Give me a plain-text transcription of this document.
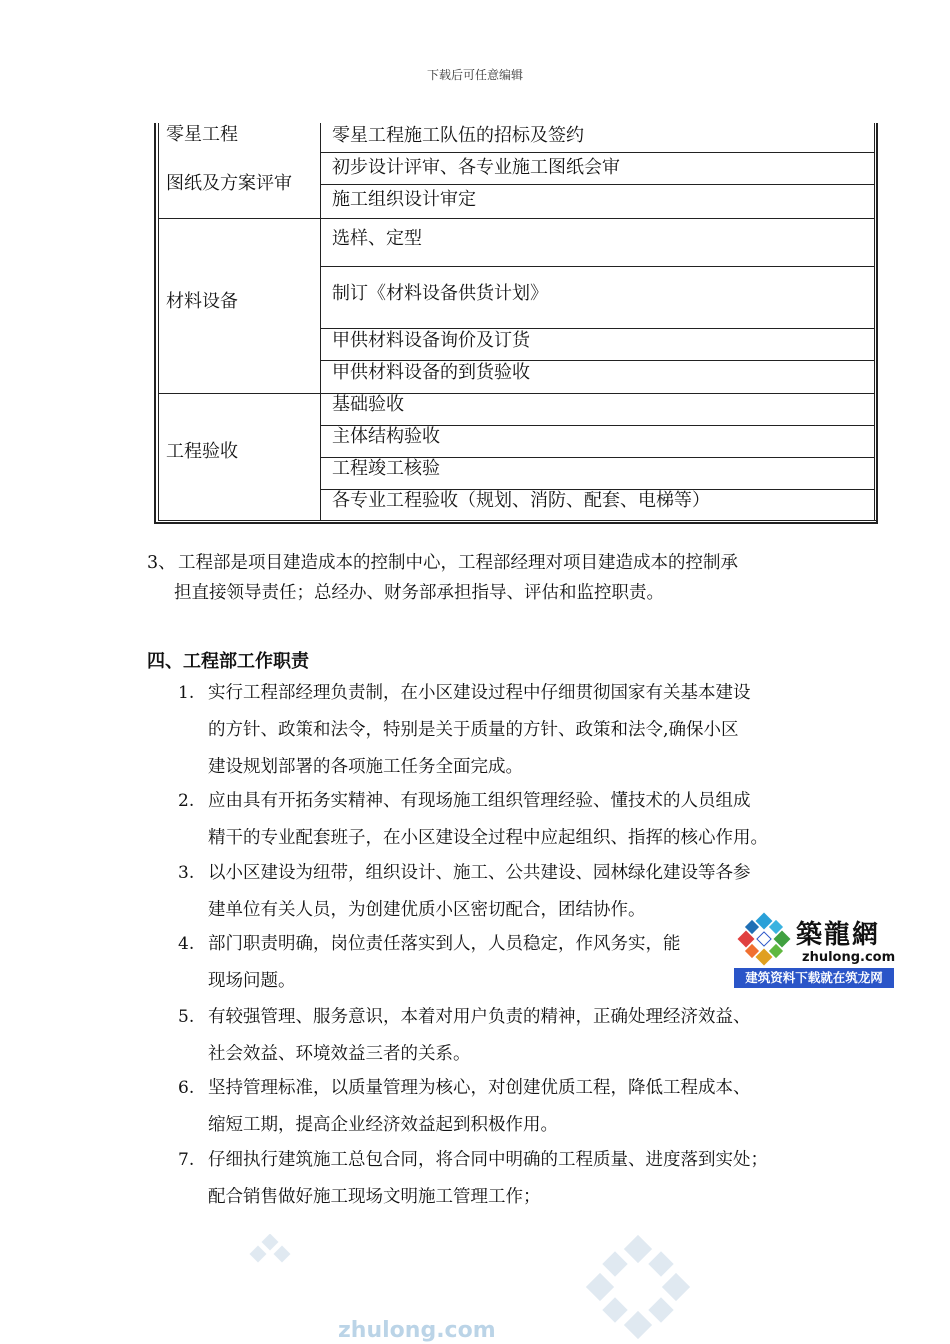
下载后可任意编辑
零星工程
图纸及方案评审
材料设备
工程验收
零星工程施工队伍的招标及签约
初步设计评审、各专业施工图纸会审
施工组织设计审定
选样、定型
制订《材料设备供货计划》
甲供材料设备询价及订货
甲供材料设备的到货验收
基础验收
主体结构验收
工程竣工核验
各专业工程验收（规划、消防、配套、电梯等）
3、 工程部是项目建造成本的控制中心，工程部经理对项目建造成本的控制承
担直接领导责任；总经办、财务部承担指导、评估和监控职责。
四、工程部工作职责
1. 实行工程部经理负责制，在小区建设过程中仔细贯彻国家有关基本建设
的方针、政策和法令，特别是关于质量的方针、政策和法令,确保小区
建设规划部署的各项施工任务全面完成。
2. 应由具有开拓务实精神、有现场施工组织管理经验、懂技术的人员组成
精干的专业配套班子，在小区建设全过程中应起组织、指挥的核心作用。
3. 以小区建设为纽带，组织设计、施工、公共建设、园林绿化建设等各参
建单位有关人员，为创建优质小区密切配合，团结协作。
4. 部门职责明确，岗位责任落实到人，人员稳定，作风务实，能
现场问题。
5. 有较强管理、服务意识，本着对用户负责的精神，正确处理经济效益、
社会效益、环境效益三者的关系。
6. 坚持管理标准，以质量管理为核心，对创建优质工程，降低工程成本、
缩短工期，提高企业经济效益起到积极作用。
7. 仔细执行建筑施工总包合同，将合同中明确的工程质量、进度落到实处；
配合销售做好施工现场文明施工管理工作；
築龍網
zhulong.com
建筑资料下载就在筑龙网
zhulong.com
